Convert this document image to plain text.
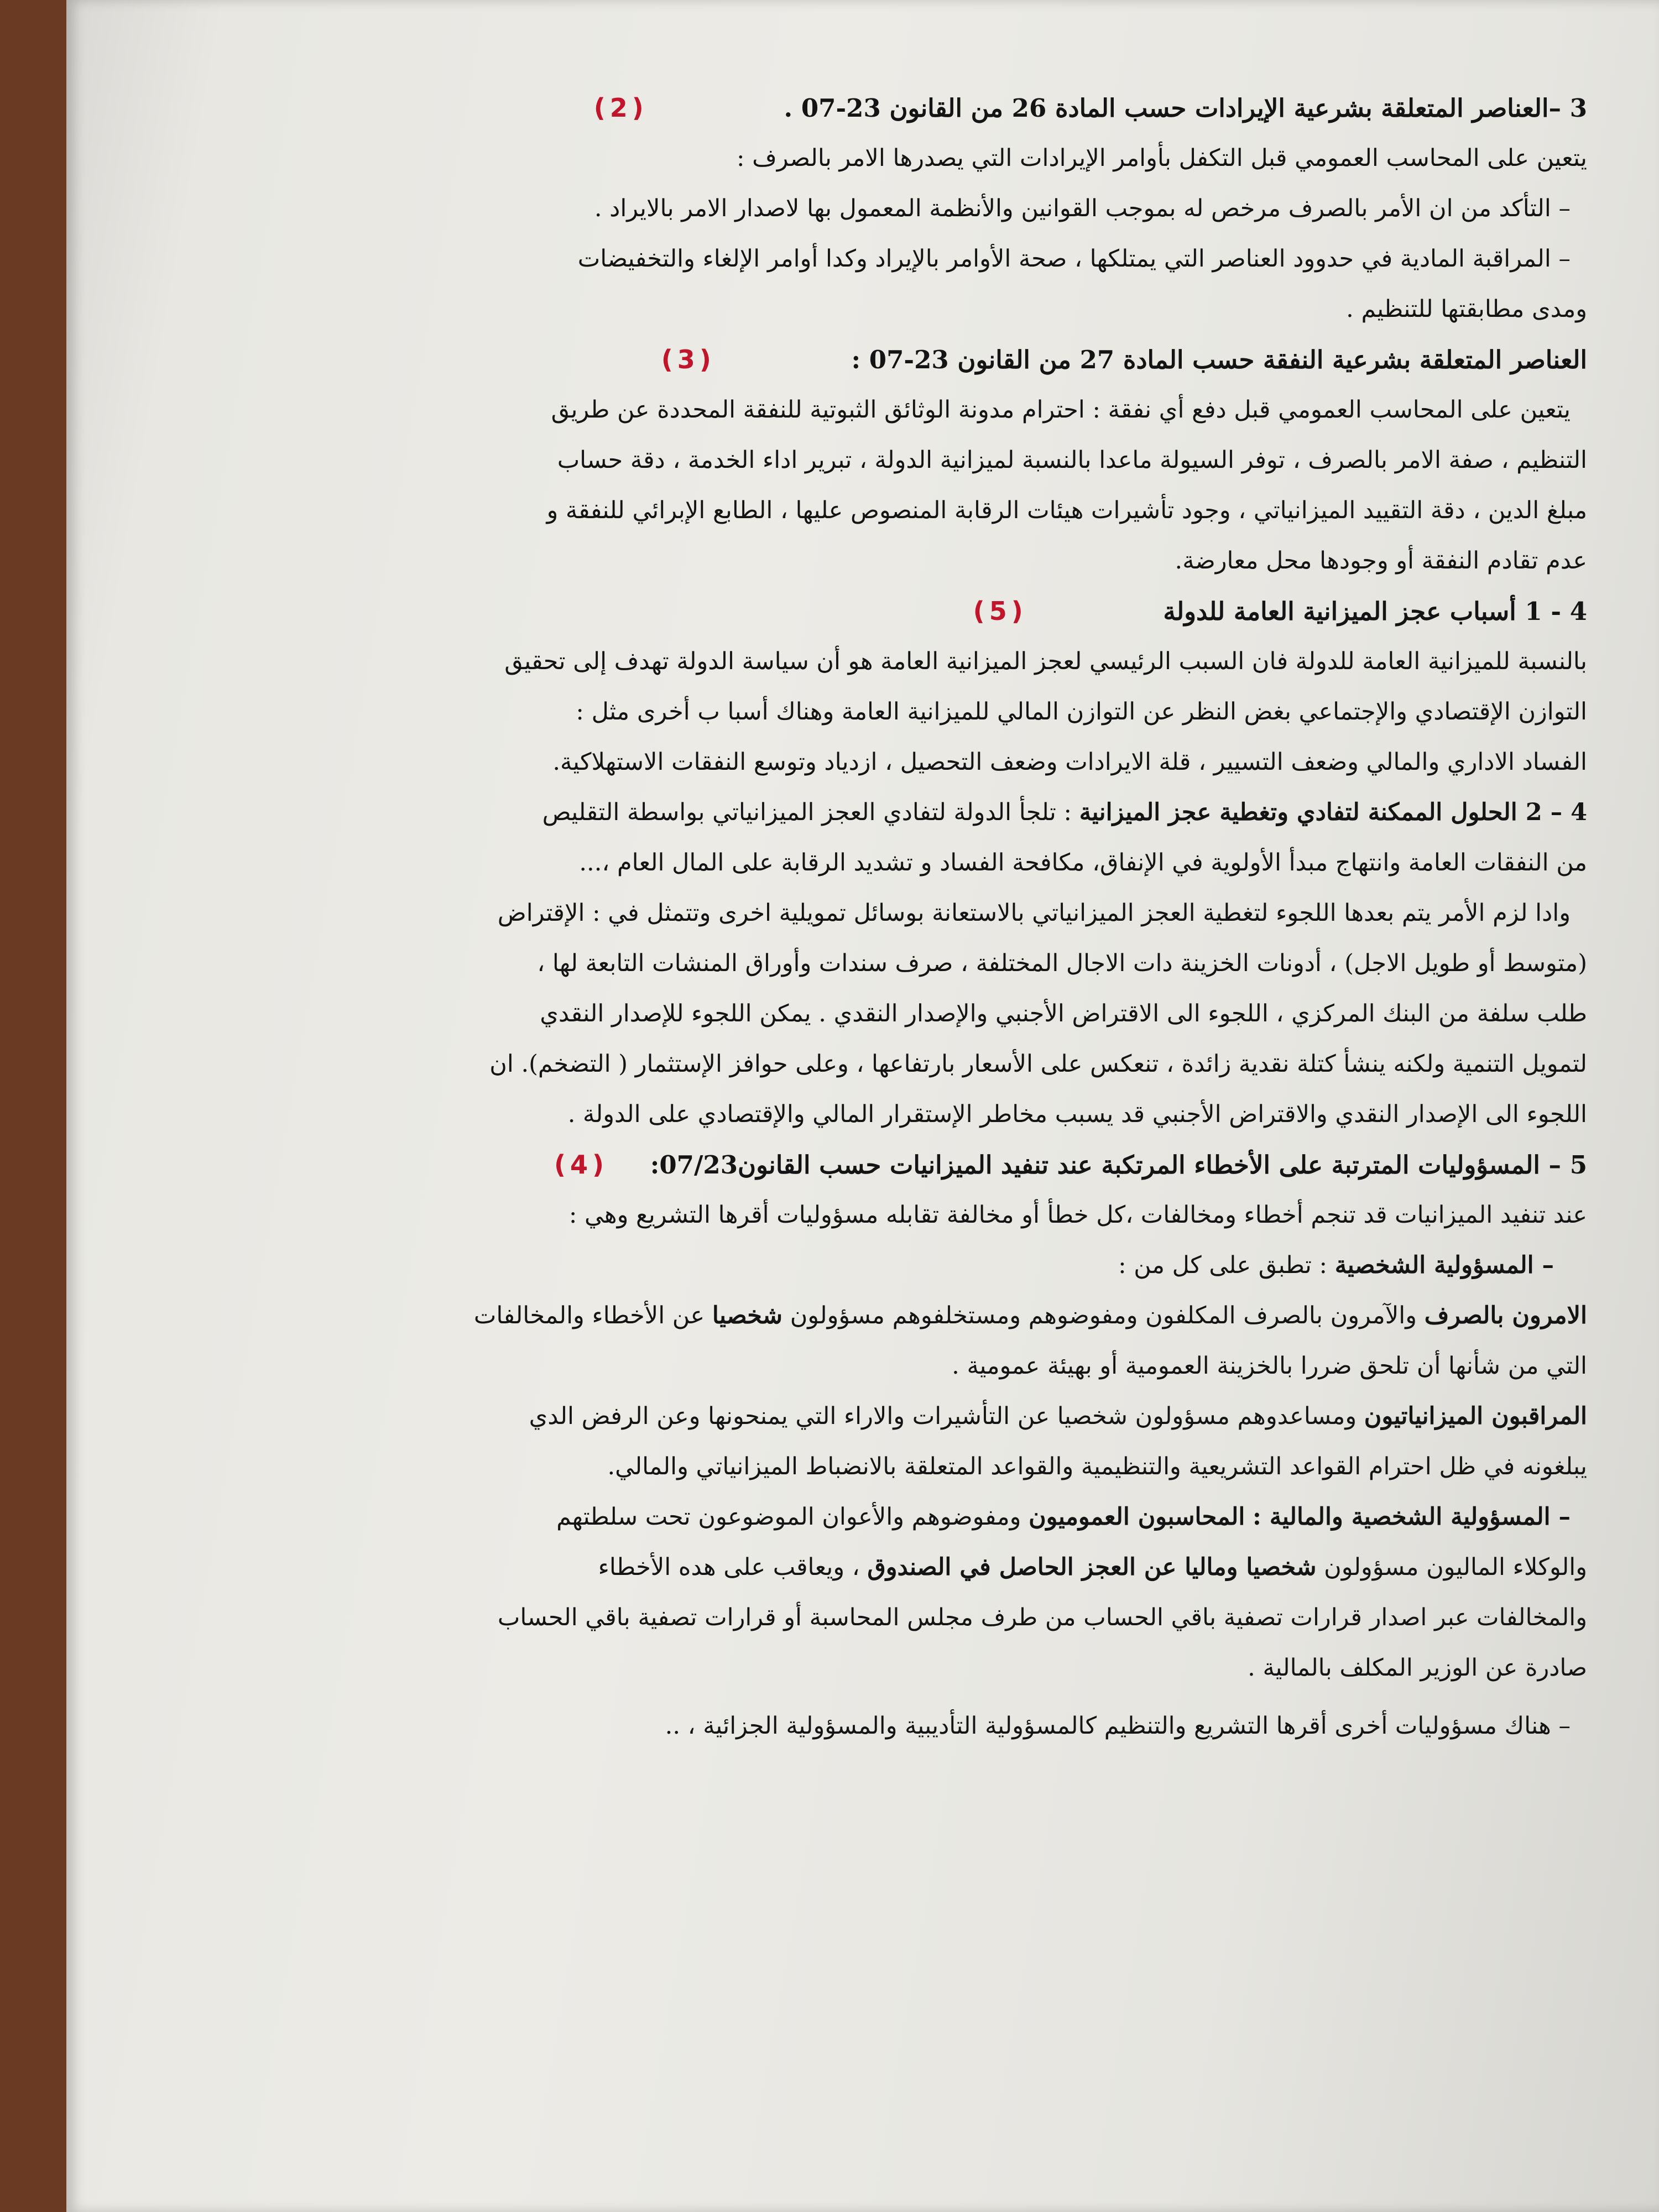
3 –العناصر المتعلقة بشرعية الإيرادات حسب المادة 26 من القانون 23-07 . (2)
يتعين على المحاسب العمومي قبل التكفل بأوامر الإيرادات التي يصدرها الامر بالصرف :
– التأكد من ان الأمر بالصرف مرخص له بموجب القوانين والأنظمة المعمول بها لاصدار الامر بالايراد .
– المراقبة المادية في حدوود العناصر التي يمتلكها ، صحة الأوامر بالإيراد وكدا أوامر الإلغاء والتخفيضات
ومدى مطابقتها للتنظيم .
العناصر المتعلقة بشرعية النفقة حسب المادة 27 من القانون 23-07 : (3)
يتعين على المحاسب العمومي قبل دفع أي نفقة : احترام مدونة الوثائق الثبوتية للنفقة المحددة عن طريق
التنظيم ، صفة الامر بالصرف ، توفر السيولة ماعدا بالنسبة لميزانية الدولة ، تبرير اداء الخدمة ، دقة حساب
مبلغ الدين ، دقة التقييد الميزانياتي ، وجود تأشيرات هيئات الرقابة المنصوص عليها ، الطابع الإبرائي للنفقة و
عدم تقادم النفقة أو وجودها محل معارضة.
4 - 1 أسباب عجز الميزانية العامة للدولة (5)
بالنسبة للميزانية العامة للدولة فان السبب الرئيسي لعجز الميزانية العامة هو أن سياسة الدولة تهدف إلى تحقيق
التوازن الإقتصادي والإجتماعي بغض النظر عن التوازن المالي للميزانية العامة وهناك أسبا ب أخرى مثل :
الفساد الاداري والمالي وضعف التسيير ، قلة الايرادات وضعف التحصيل ، ازدياد وتوسع النفقات الاستهلاكية.
4 – 2 الحلول الممكنة لتفادي وتغطية عجز الميزانية : تلجأ الدولة لتفادي العجز الميزانياتي بواسطة التقليص
من النفقات العامة وانتهاج مبدأ الأولوية في الإنفاق، مكافحة الفساد و تشديد الرقابة على المال العام ،...
وادا لزم الأمر يتم بعدها اللجوء لتغطية العجز الميزانياتي بالاستعانة بوسائل تمويلية اخرى وتتمثل في : الإقتراض
(متوسط أو طويل الاجل) ، أدونات الخزينة دات الاجال المختلفة ، صرف سندات وأوراق المنشات التابعة لها ،
طلب سلفة من البنك المركزي ، اللجوء الى الاقتراض الأجنبي والإصدار النقدي . يمكن اللجوء للإصدار النقدي
لتمويل التنمية ولكنه ينشأ كتلة نقدية زائدة ، تنعكس على الأسعار بارتفاعها ، وعلى حوافز الإستثمار ( التضخم). ان
اللجوء الى الإصدار النقدي والاقتراض الأجنبي قد يسبب مخاطر الإستقرار المالي والإقتصادي على الدولة .
5 – المسؤوليات المترتبة على الأخطاء المرتكبة عند تنفيد الميزانيات حسب القانون07/23: (4)
عند تنفيد الميزانيات قد تنجم أخطاء ومخالفات ،كل خطأ أو مخالفة تقابله مسؤوليات أقرها التشريع وهي :
– المسؤولية الشخصية : تطبق على كل من :
الامرون بالصرف والآمرون بالصرف المكلفون ومفوضوهم ومستخلفوهم مسؤولون شخصيا عن الأخطاء والمخالفات
التي من شأنها أن تلحق ضررا بالخزينة العمومية أو بهيئة عمومية .
المراقبون الميزانياتيون ومساعدوهم مسؤولون شخصيا عن التأشيرات والاراء التي يمنحونها وعن الرفض الدي
يبلغونه في ظل احترام القواعد التشريعية والتنظيمية والقواعد المتعلقة بالانضباط الميزانياتي والمالي.
– المسؤولية الشخصية والمالية : المحاسبون العموميون ومفوضوهم والأعوان الموضوعون تحت سلطتهم
والوكلاء الماليون مسؤولون شخصيا وماليا عن العجز الحاصل في الصندوق ، ويعاقب على هده الأخطاء
والمخالفات عبر اصدار قرارات تصفية باقي الحساب من طرف مجلس المحاسبة أو قرارات تصفية باقي الحساب
صادرة عن الوزير المكلف بالمالية .
– هناك مسؤوليات أخرى أقرها التشريع والتنظيم كالمسؤولية التأديبية والمسؤولية الجزائية ، ..
